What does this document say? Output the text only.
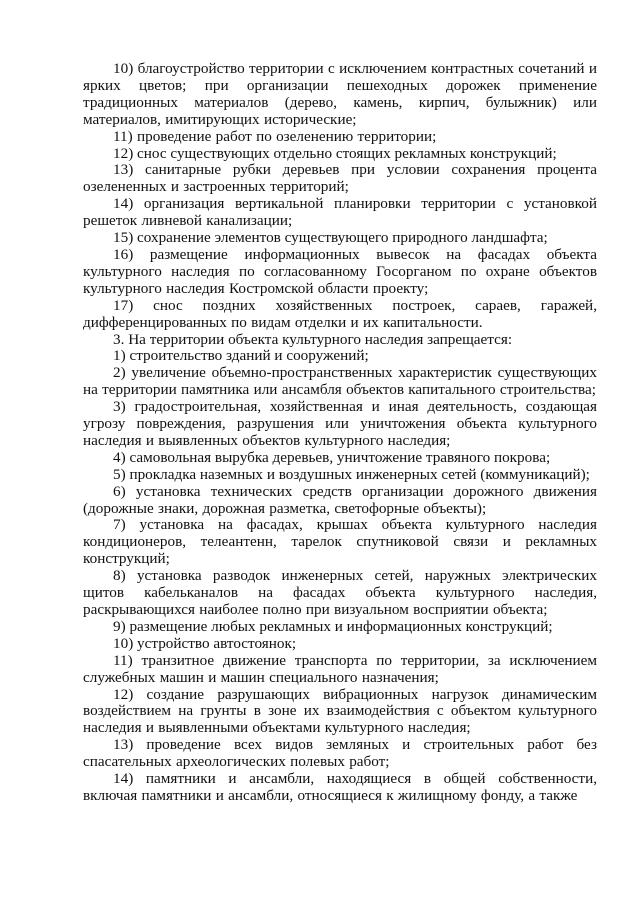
10) благоустройство территории с исключением контрастных сочетаний и ярких цветов; при организации пешеходных дорожек применение традиционных материалов (дерево, камень, кирпич, булыжник) или материалов, имитирующих исторические;

11) проведение работ по озеленению территории;

12) снос существующих отдельно стоящих рекламных конструкций;

13) санитарные рубки деревьев при условии сохранения процента озелененных и застроенных территорий;

14) организация вертикальной планировки территории с установкой решеток ливневой канализации;

15) сохранение элементов существующего природного ландшафта;

16) размещение информационных вывесок на фасадах объекта культурного наследия по согласованному Госорганом по охране объектов культурного наследия Костромской области проекту;

17) снос поздних хозяйственных построек, сараев, гаражей, дифференцированных по видам отделки и их капитальности.

3. На территории объекта культурного наследия запрещается:

1) строительство зданий и сооружений;

2) увеличение объемно-пространственных характеристик существующих на территории памятника или ансамбля объектов капитального строительства;

3) градостроительная, хозяйственная и иная деятельность, создающая угрозу повреждения, разрушения или уничтожения объекта культурного наследия и выявленных объектов культурного наследия;

4) самовольная вырубка деревьев, уничтожение травяного покрова;

5) прокладка наземных и воздушных инженерных сетей (коммуникаций);

6) установка технических средств организации дорожного движения (дорожные знаки, дорожная разметка, светофорные объекты);

7) установка на фасадах, крышах объекта культурного наследия кондиционеров, телеантенн, тарелок спутниковой связи и рекламных конструкций;

8) установка разводок инженерных сетей, наружных электрических щитов кабельканалов на фасадах объекта культурного наследия, раскрывающихся наиболее полно при визуальном восприятии объекта;

9) размещение любых рекламных и информационных конструкций;

10) устройство автостоянок;

11) транзитное движение транспорта по территории, за исключением служебных машин и машин специального назначения;

12) создание разрушающих вибрационных нагрузок динамическим воздействием на грунты в зоне их взаимодействия с объектом культурного наследия и выявленными объектами культурного наследия;

13) проведение всех видов земляных и строительных работ без спасательных археологических полевых работ;

14) памятники и ансамбли, находящиеся в общей собственности, включая памятники и ансамбли, относящиеся к жилищному фонду, а также
